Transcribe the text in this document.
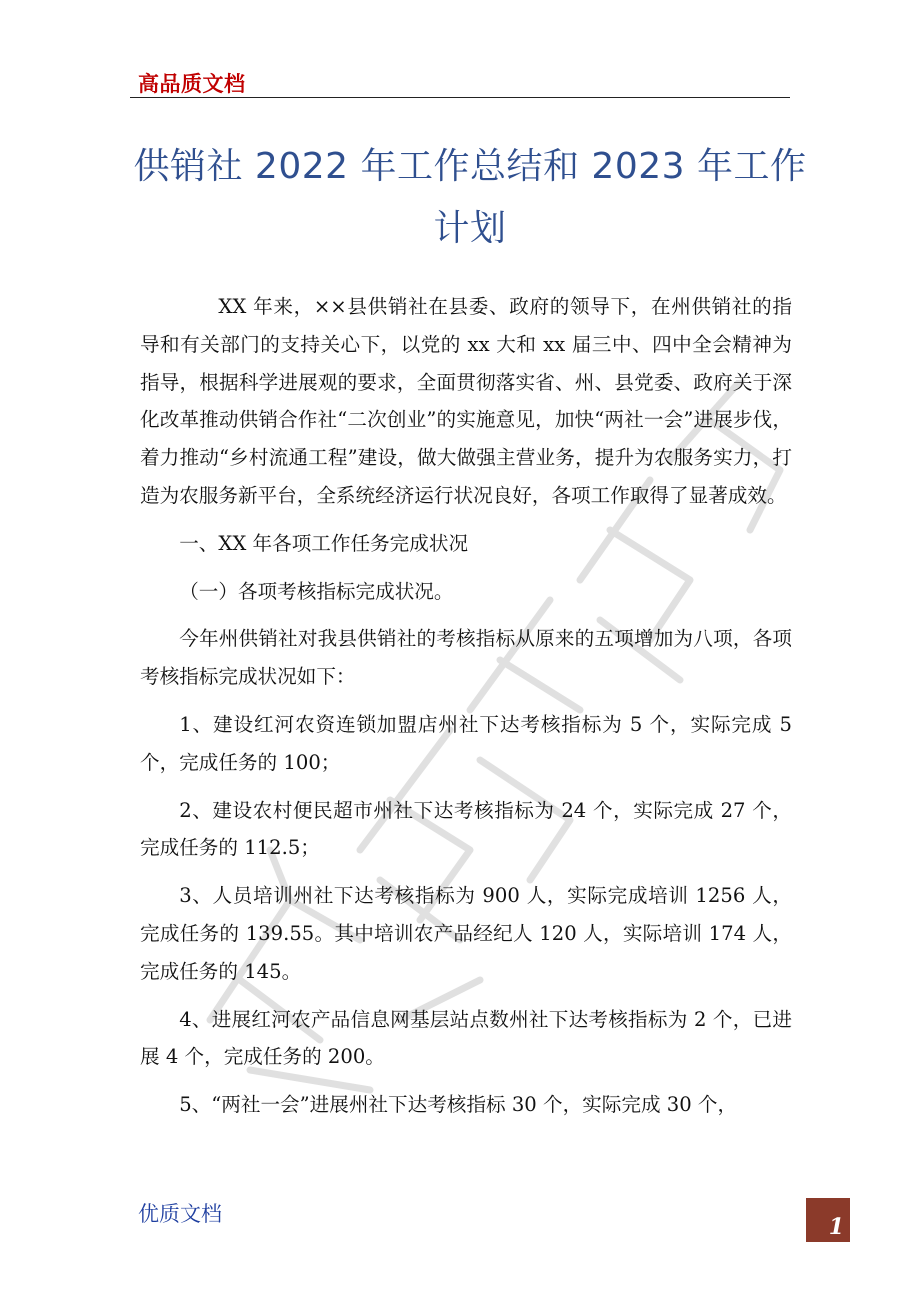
高品质文档
供销社 2022 年工作总结和 2023 年工作计划

XX 年来，××县供销社在县委、政府的领导下，在州供销社的指导和有关部门的支持关心下，以党的 xx 大和 xx 届三中、四中全会精神为指导，根据科学进展观的要求，全面贯彻落实省、州、县党委、政府关于深化改革推动供销合作社“二次创业”的实施意见，加快“两社一会”进展步伐，着力推动“乡村流通工程”建设，做大做强主营业务，提升为农服务实力，打造为农服务新平台，全系统经济运行状况良好，各项工作取得了显著成效。

一、XX 年各项工作任务完成状况

（一）各项考核指标完成状况。

今年州供销社对我县供销社的考核指标从原来的五项增加为八项，各项考核指标完成状况如下：

1、建设红河农资连锁加盟店州社下达考核指标为 5 个，实际完成 5 个，完成任务的 100；

2、建设农村便民超市州社下达考核指标为 24 个，实际完成 27 个，完成任务的 112.5；

3、人员培训州社下达考核指标为 900 人，实际完成培训 1256 人，完成任务的 139.55。其中培训农产品经纪人 120 人，实际培训 174 人，完成任务的 145。

4、进展红河农产品信息网基层站点数州社下达考核指标为 2 个，已进展 4 个，完成任务的 200。

5、“两社一会”进展州社下达考核指标 30 个，实际完成 30 个，

优质文档	1
